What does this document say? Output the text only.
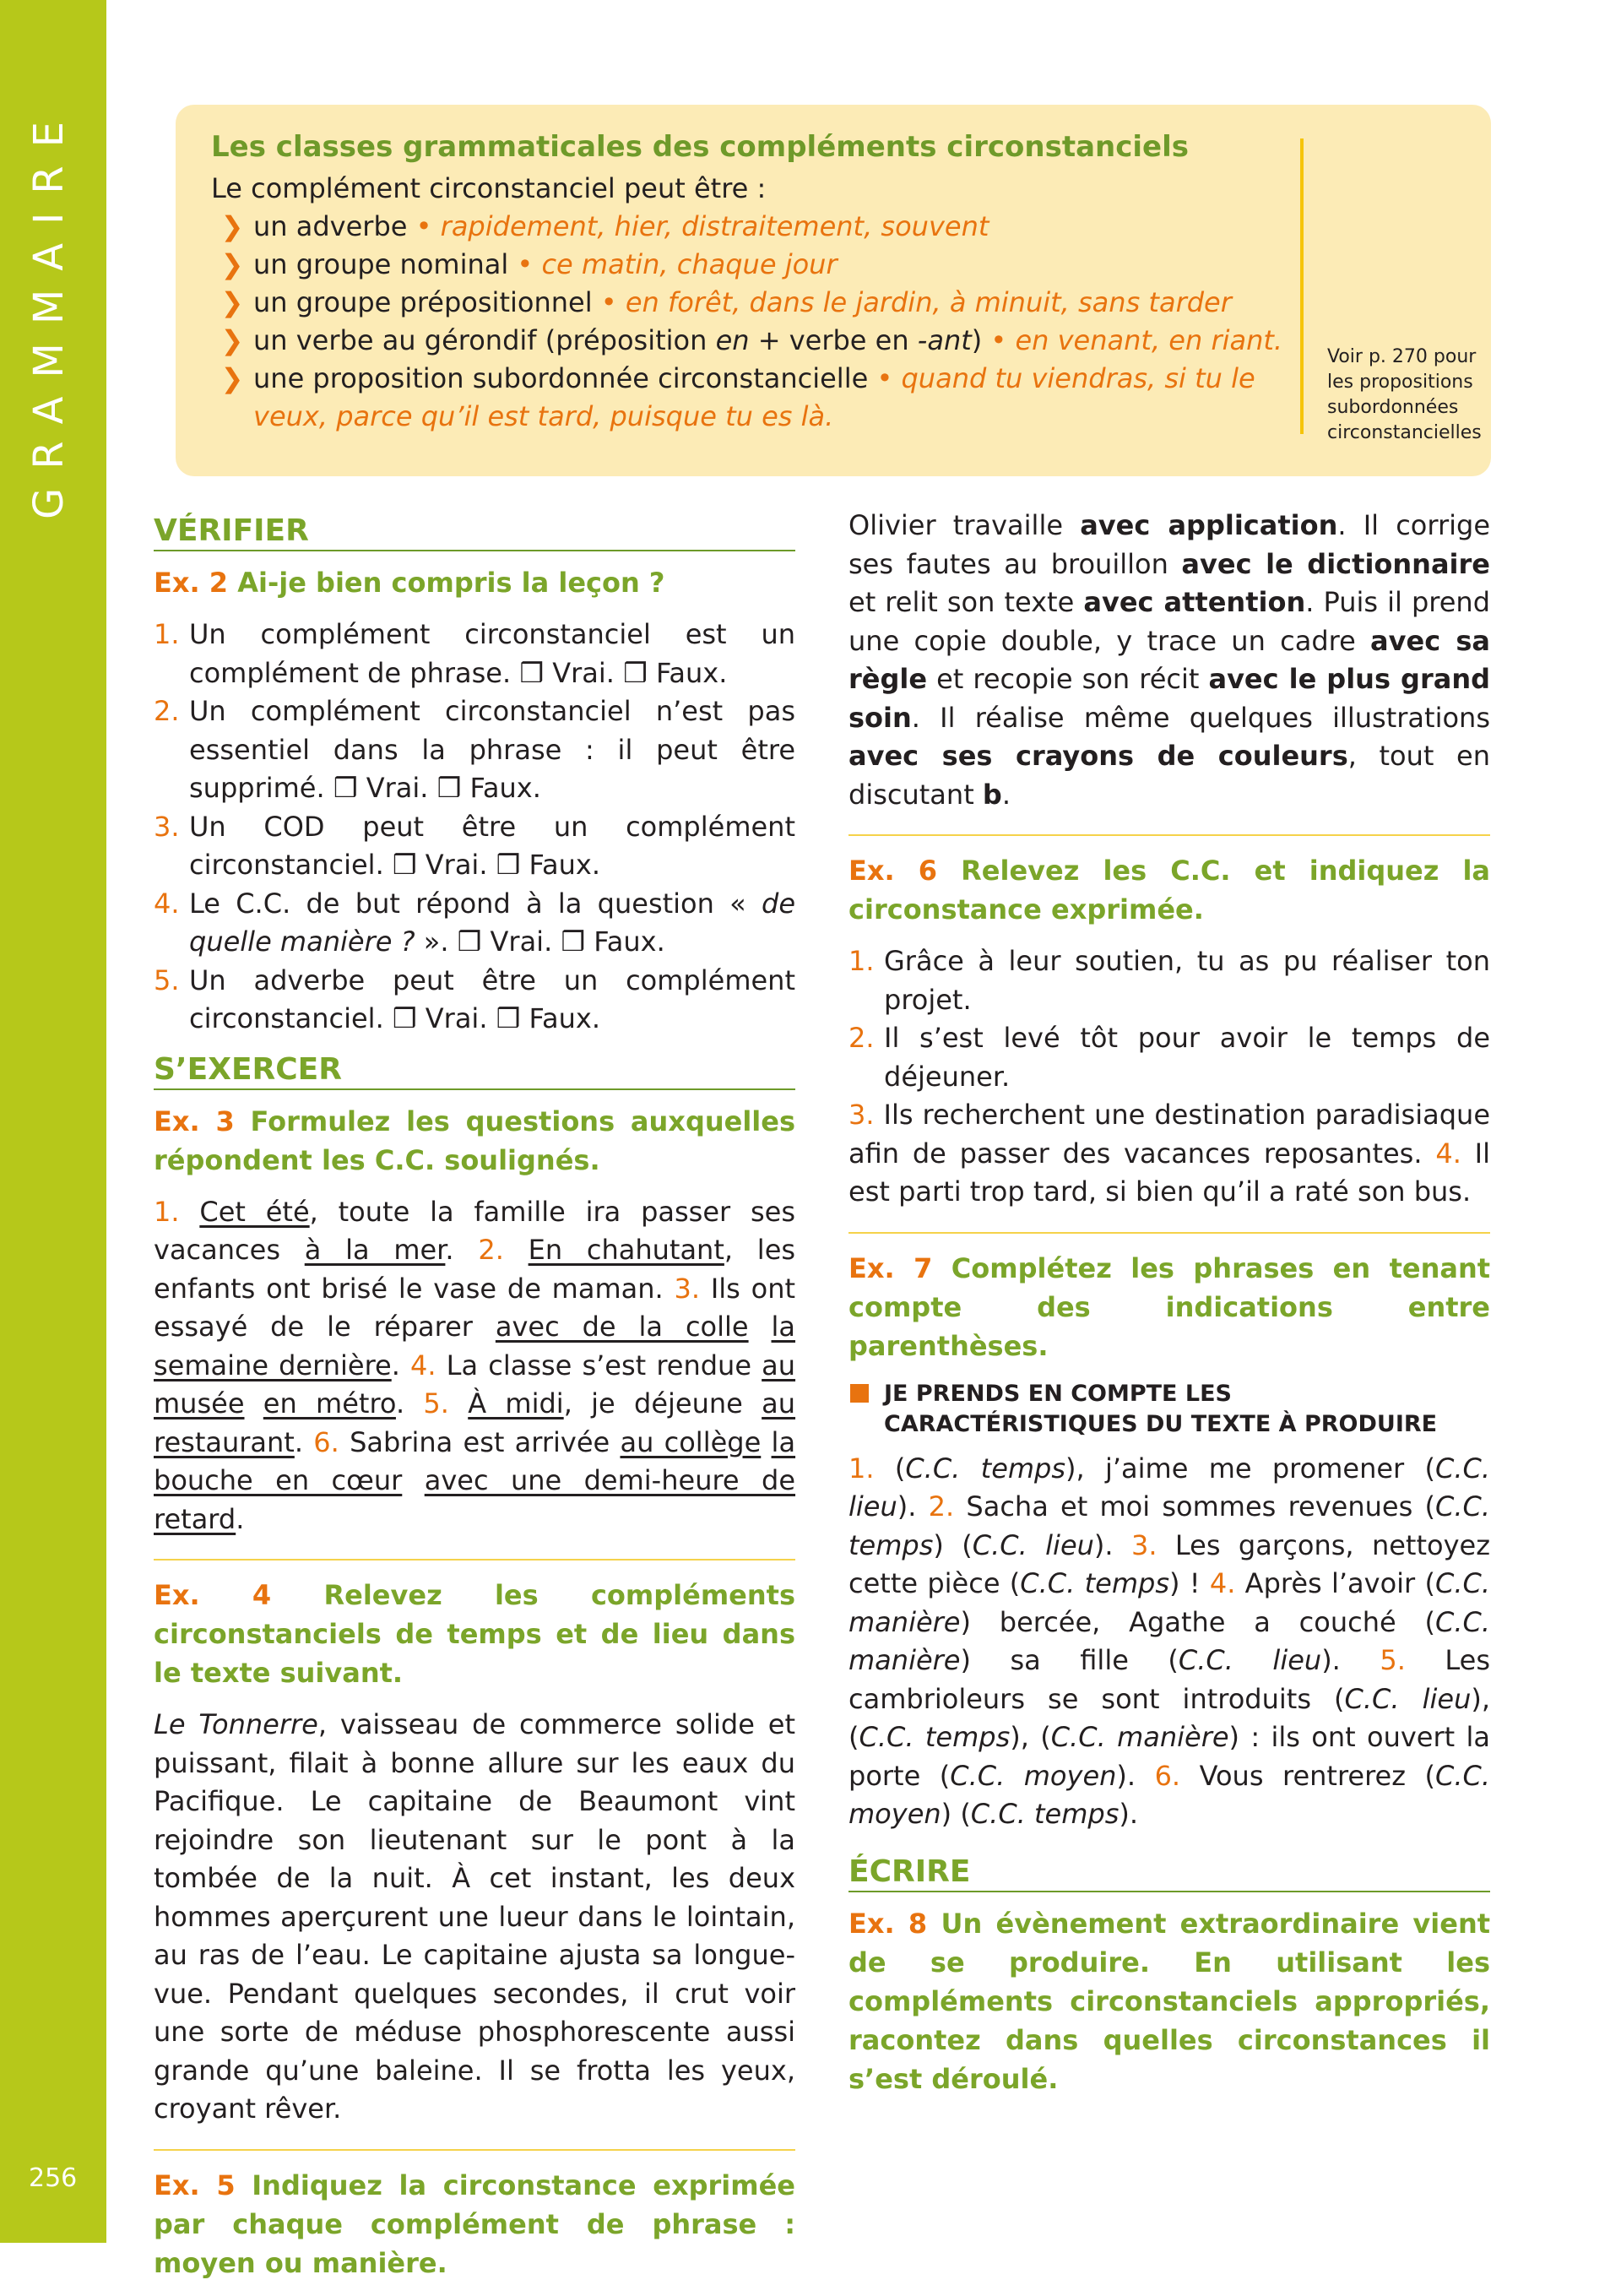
GRAMMAIRE
256
Les classes grammaticales des compléments circonstanciels
Le complément circonstanciel peut être :
❯ un adverbe • rapidement, hier, distraitement, souvent
❯ un groupe nominal • ce matin, chaque jour
❯ un groupe prépositionnel • en forêt, dans le jardin, à minuit, sans tarder
❯ un verbe au gérondif (préposition en + verbe en -ant) • en venant, en riant.
❯ une proposition subordonnée circonstancielle • quand tu viendras, si tu le veux, parce qu’il est tard, puisque tu es là.
Voir p. 270 pour les propositions subordonnées circonstancielles
VÉRIFIER
Ex. 2 Ai-je bien compris la leçon ?
1. Un complément circonstanciel est un complément de phrase. ❒ Vrai. ❒ Faux.
2. Un complément circonstanciel n’est pas essentiel dans la phrase : il peut être supprimé. ❒ Vrai. ❒ Faux.
3. Un COD peut être un complément circonstanciel. ❒ Vrai. ❒ Faux.
4. Le C.C. de but répond à la question « de quelle manière ? ». ❒ Vrai. ❒ Faux.
5. Un adverbe peut être un complément circonstanciel. ❒ Vrai. ❒ Faux.
S’EXERCER
Ex. 3 Formulez les questions auxquelles répondent les C.C. soulignés.

1. Cet été, toute la famille ira passer ses vacances à la mer. 2. En chahutant, les enfants ont brisé le vase de maman. 3. Ils ont essayé de le réparer avec de la colle la semaine dernière. 4. La classe s’est rendue au musée en métro. 5. À midi, je déjeune au restaurant. 6. Sabrina est arrivée au collège la bouche en cœur avec une demi-heure de retard.

Ex. 4 Relevez les compléments circonstanciels de temps et de lieu dans le texte suivant.

Le Tonnerre, vaisseau de commerce solide et puissant, filait à bonne allure sur les eaux du Pacifique. Le capitaine de Beaumont vint rejoindre son lieutenant sur le pont à la tombée de la nuit. À cet instant, les deux hommes aperçurent une lueur dans le lointain, au ras de l’eau. Le capitaine ajusta sa longue-vue. Pendant quelques secondes, il crut voir une sorte de méduse phosphorescente aussi grande qu’une baleine. Il se frotta les yeux, croyant rêver.

Ex. 5 Indiquez la circonstance exprimée par chaque complément de phrase : moyen ou manière.

Olivier travaille avec application. Il corrige ses fautes au brouillon avec le dictionnaire et relit son texte avec attention. Puis il prend une copie double, y trace un cadre avec sa règle et recopie son récit avec le plus grand soin. Il réalise même quelques illustrations avec ses crayons de couleurs, tout en discutant b.

Ex. 6 Relevez les C.C. et indiquez la circonstance exprimée.
1. Grâce à leur soutien, tu as pu réaliser ton projet.
2. Il s’est levé tôt pour avoir le temps de déjeuner.

3. Ils recherchent une destination paradisiaque afin de passer des vacances reposantes. 4. Il est parti trop tard, si bien qu’il a raté son bus.

Ex. 7 Complétez les phrases en tenant compte des indications entre parenthèses.
JE PRENDS EN COMPTE LES CARACTÉRISTIQUES DU TEXTE À PRODUIRE

1. (C.C. temps), j’aime me promener (C.C. lieu). 2. Sacha et moi sommes revenues (C.C. temps) (C.C. lieu). 3. Les garçons, nettoyez cette pièce (C.C. temps) ! 4. Après l’avoir (C.C. manière) bercée, Agathe a couché (C.C. manière) sa fille (C.C. lieu). 5. Les cambrioleurs se sont introduits (C.C. lieu), (C.C. temps), (C.C. manière) : ils ont ouvert la porte (C.C. moyen). 6. Vous rentrerez (C.C. moyen) (C.C. temps).

ÉCRIRE
Ex. 8 Un évènement extraordinaire vient de se produire. En utilisant les compléments circonstanciels appropriés, racontez dans quelles circonstances il s’est déroulé.
